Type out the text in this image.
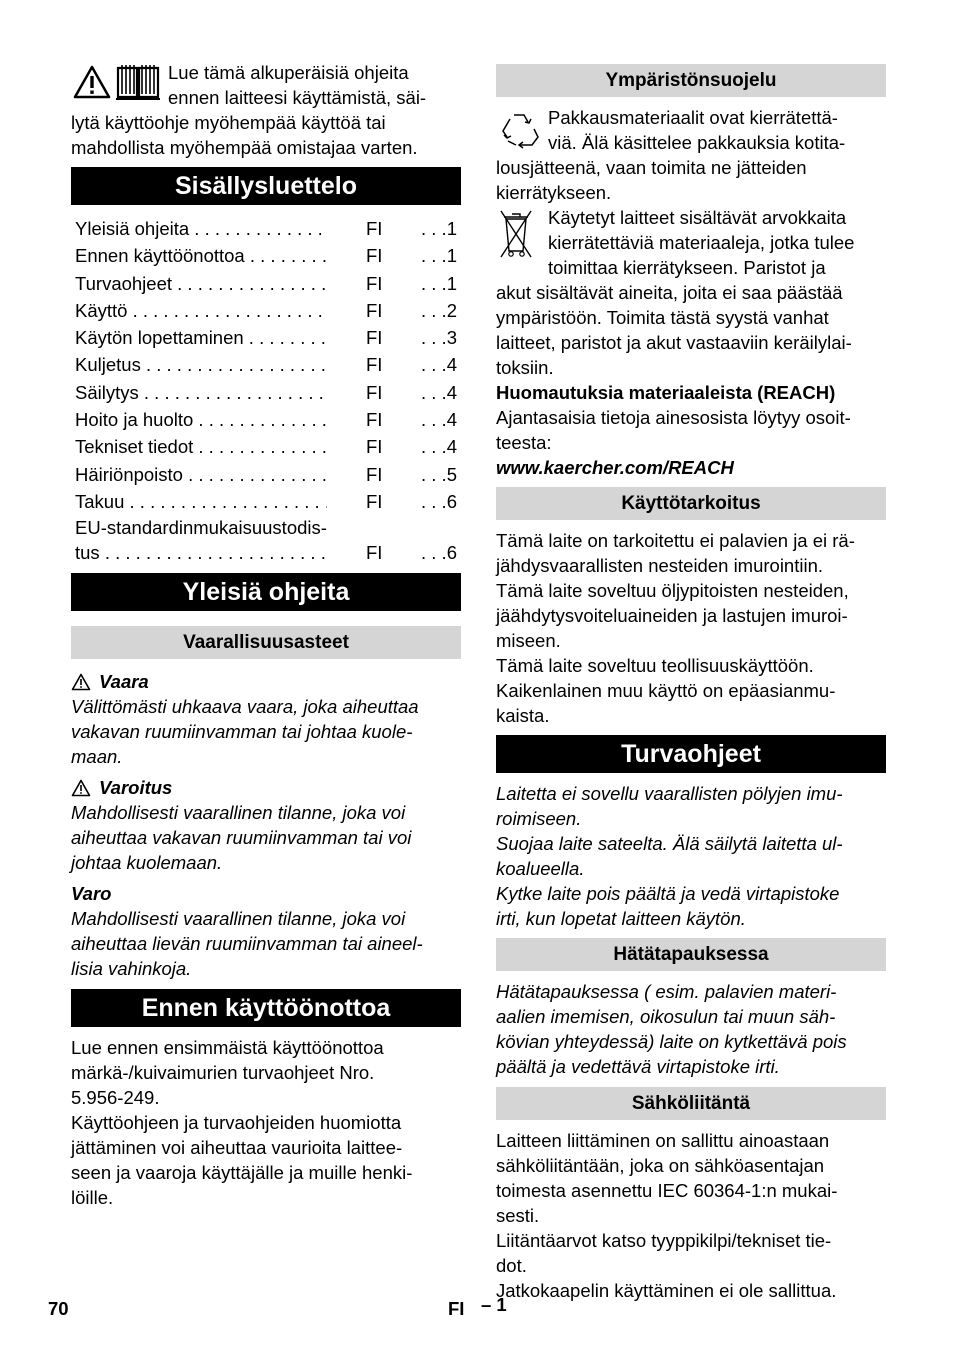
Lue tämä alkuperäisiä ohjeita

ennen laitteesi käyttämistä, säi-

lytä käyttöohje myöhempää käyttöä tai

mahdollista myöhempää omistajaa varten.

Sisällysluettelo
Yleisiä ohjeita . . .	FI . . .1
Ennen käyttöönottoa . . .	FI . . .1
Turvaohjeet . . .	FI . . .1
Käyttö . . .	FI . . .2
Käytön lopettaminen . . .	FI . . .3
Kuljetus . . .	FI . . .4
Säilytys . . .	FI . . .4
Hoito ja huolto . . .	FI . . .4
Tekniset tiedot . . .	FI . . .4
Häiriönpoisto . . .	FI . . .5
Takuu . . .	FI . . .6
EU-standardinmukaisuustodis-
tus . . .	FI . . .6
Yleisiä ohjeita
Vaarallisuusasteet
Vaara

Välittömästi uhkaava vaara, joka aiheuttaa

vakavan ruumiinvamman tai johtaa kuole-

maan.

Varoitus

Mahdollisesti vaarallinen tilanne, joka voi

aiheuttaa vakavan ruumiinvamman tai voi

johtaa kuolemaan.

Varo

Mahdollisesti vaarallinen tilanne, joka voi

aiheuttaa lievän ruumiinvamman tai aineel-

lisia vahinkoja.

Ennen käyttöönottoa

Lue ennen ensimmäistä käyttöönottoa

märkä-/kuivaimurien turvaohjeet Nro.

5.956-249.

Käyttöohjeen ja turvaohjeiden huomiotta

jättäminen voi aiheuttaa vaurioita laittee-

seen ja vaaroja käyttäjälle ja muille henki-

löille.

Ympäristönsuojelu

Pakkausmateriaalit ovat kierrätettä-

viä. Älä käsittelee pakkauksia kotita-

lousjätteenä, vaan toimita ne jätteiden

kierrätykseen.

Käytetyt laitteet sisältävät arvokkaita

kierrätettäviä materiaaleja, jotka tulee

toimittaa kierrätykseen. Paristot ja

akut sisältävät aineita, joita ei saa päästää

ympäristöön. Toimita tästä syystä vanhat

laitteet, paristot ja akut vastaaviin keräilylai-

toksiin.

Huomautuksia materiaaleista (REACH)

Ajantasaisia tietoja ainesosista löytyy osoit-

teesta:

www.kaercher.com/REACH

Käyttötarkoitus

Tämä laite on tarkoitettu ei palavien ja ei rä-

jähdysvaarallisten nesteiden imurointiin.

Tämä laite soveltuu öljypitoisten nesteiden,

jäähdytysvoiteluaineiden ja lastujen imuroi-

miseen.

Tämä laite soveltuu teollisuuskäyttöön.

Kaikenlainen muu käyttö on epäasianmu-

kaista.

Turvaohjeet

Laitetta ei sovellu vaarallisten pölyjen imu-

roimiseen.

Suojaa laite sateelta. Älä säilytä laitetta ul-

koalueella.

Kytke laite pois päältä ja vedä virtapistoke

irti, kun lopetat laitteen käytön.

Hätätapauksessa

Hätätapauksessa ( esim. palavien materi-

aalien imemisen, oikosulun tai muun säh-

kövian yhteydessä) laite on kytkettävä pois

päältä ja vedettävä virtapistoke irti.

Sähköliitäntä

Laitteen liittäminen on sallittu ainoastaan

sähköliitäntään, joka on sähköasentajan

toimesta asennettu IEC 60364-1:n mukai-

sesti.

Liitäntäarvot katso tyyppikilpi/tekniset tie-

dot.

Jatkokaapelin käyttäminen ei ole sallittua.

70	FI – 1
